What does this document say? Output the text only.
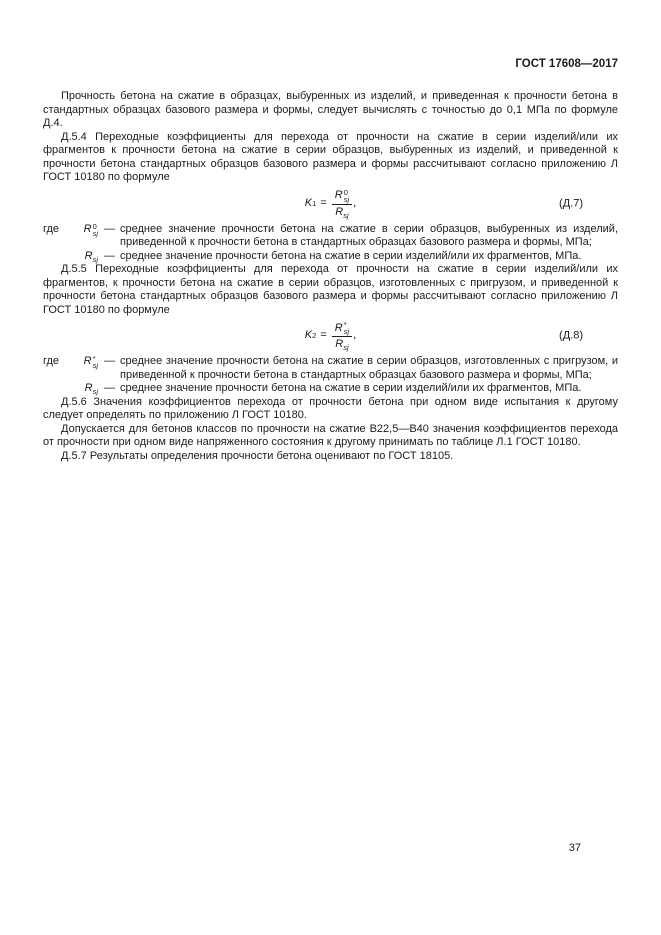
ГОСТ 17608—2017

Прочность бетона на сжатие в образцах, выбуренных из изделий, и приведенная к прочности бетона в стандартных образцах базового размера и формы, следует вычислять с точностью до 0,1 МПа по формуле Д.4.

Д.5.4 Переходные коэффициенты для перехода от прочности на сжатие в серии изделий/или их фрагментов к прочности бетона на сжатие в серии образцов, выбуренных из изделий, и приведенной к прочности бетона стандартных образцов базового размера и формы рассчитывают согласно приложению Л ГОСТ 10180 по формуле

K 1 = R 0
sj
$R_{sj}$ ,	(Д.7)
где	R 0
sj — среднее значение прочности бетона на сжатие в серии образцов, выбуренных из изделий, приведенной к прочности бетона в стандартных образцах базового размера и формы, МПа;
$R_{sj}$ — среднее значение прочности бетона на сжатие в серии изделий/или их фрагментов, МПа.

Д.5.5 Переходные коэффициенты для перехода от прочности на сжатие в серии изделий/или их фрагментов, к прочности бетона на сжатие в серии образцов, изготовленных с пригрузом, и приведенной к прочности бетона стандартных образцов базового размера и формы рассчитывают согласно приложению Л ГОСТ 10180 по формуле

K 2 = R *
sj
$R_{sj}$ ,	(Д.8)
где	R *
sj — среднее значение прочности бетона на сжатие в серии образцов, изготовленных с пригрузом, и приведенной к прочности бетона в стандартных образцах базового размера и формы, МПа;
$R_{sj}$ — среднее значение прочности бетона на сжатие в серии изделий/или их фрагментов, МПа.

Д.5.6 Значения коэффициентов перехода от прочности бетона при одном виде испытания к другому следует определять по приложению Л ГОСТ 10180.

Допускается для бетонов классов по прочности на сжатие В22,5—В40 значения коэффициентов перехода от прочности при одном виде напряженного состояния к другому принимать по таблице Л.1 ГОСТ 10180.

Д.5.7 Результаты определения прочности бетона оценивают по ГОСТ 18105.

37
